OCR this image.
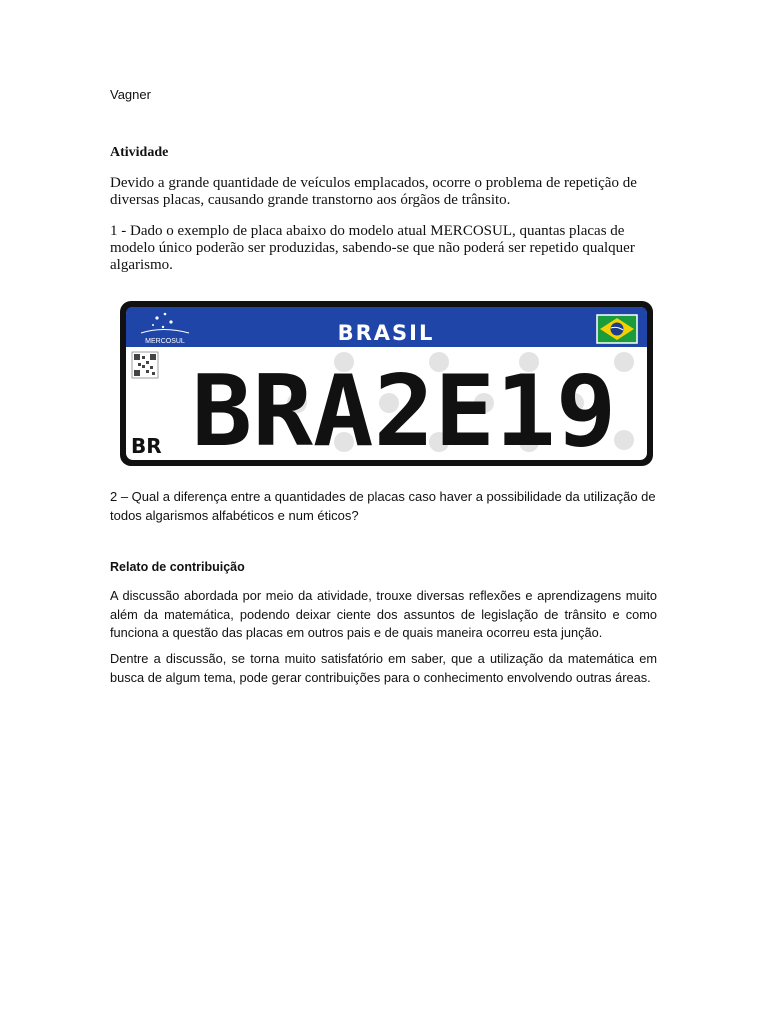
Vagner
Atividade

Devido a grande quantidade de veículos emplacados, ocorre o problema de repetição de diversas placas, causando grande transtorno aos órgãos de trânsito.

1 - Dado o exemplo de placa abaixo do modelo atual MERCOSUL, quantas placas de modelo único poderão ser produzidas, sabendo-se que não poderá ser repetido qualquer algarismo.

MERCOSUL	BRASIL
BRA2E19
BR

2 – Qual a diferença entre a quantidades de placas caso haver a possibilidade da utilização de todos algarismos alfabéticos e num éticos?

Relato de contribuição

A discussão abordada por meio da atividade, trouxe diversas reflexões e aprendizagens muito além da matemática, podendo deixar ciente dos assuntos de legislação de trânsito e como funciona a questão das placas em outros pais e de quais maneira ocorreu esta junção.

Dentre a discussão, se torna muito satisfatório em saber, que a utilização da matemática em busca de algum tema, pode gerar contribuições para o conhecimento envolvendo outras áreas.
